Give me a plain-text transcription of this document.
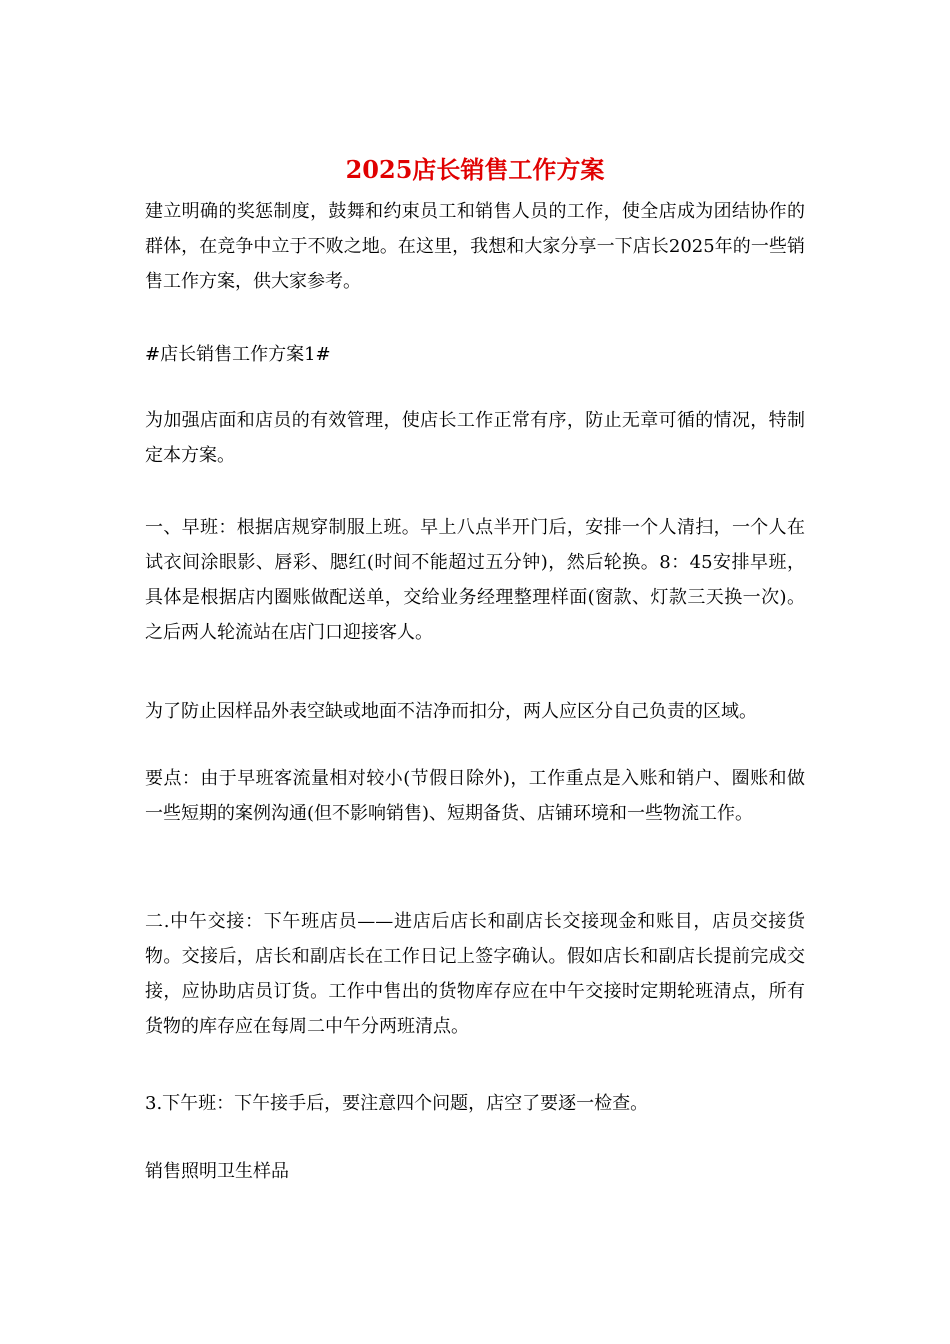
2025店长销售工作方案

建立明确的奖惩制度，鼓舞和约束员工和销售人员的工作，使全店成为团结协作的群体，在竞争中立于不败之地。在这里，我想和大家分享一下店长2025年的一些销售工作方案，供大家参考。

#店长销售工作方案1#

为加强店面和店员的有效管理，使店长工作正常有序，防止无章可循的情况，特制定本方案。

一、早班：根据店规穿制服上班。早上八点半开门后，安排一个人清扫，一个人在试衣间涂眼影、唇彩、腮红(时间不能超过五分钟)，然后轮换。8：45安排早班，具体是根据店内圈账做配送单，交给业务经理整理样面(窗款、灯款三天换一次)。之后两人轮流站在店门口迎接客人。

为了防止因样品外表空缺或地面不洁净而扣分，两人应区分自己负责的区域。

要点：由于早班客流量相对较小(节假日除外)，工作重点是入账和销户、圈账和做一些短期的案例沟通(但不影响销售)、短期备货、店铺环境和一些物流工作。

二.中午交接：下午班店员——进店后店长和副店长交接现金和账目，店员交接货物。交接后，店长和副店长在工作日记上签字确认。假如店长和副店长提前完成交接，应协助店员订货。工作中售出的货物库存应在中午交接时定期轮班清点，所有货物的库存应在每周二中午分两班清点。

3.下午班：下午接手后，要注意四个问题，店空了要逐一检查。

销售照明卫生样品
